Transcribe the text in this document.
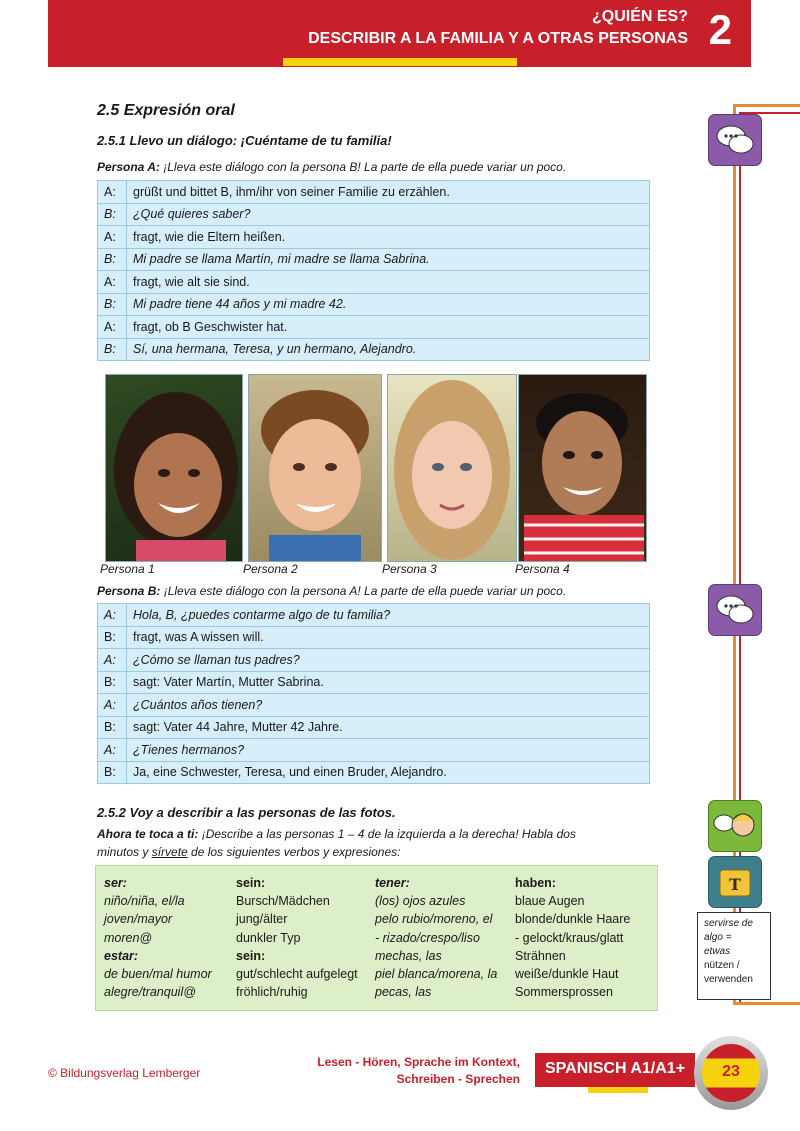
¿QUIÉN ES?
DESCRIBIR A LA FAMILIA Y A OTRAS PERSONAS 2
2.5 Expresión oral
2.5.1 Llevo un diálogo: ¡Cuéntame de tu familia!
Persona A: ¡Lleva este diálogo con la persona B! La parte de ella puede variar un poco.
A:	grüßt und bittet B, ihm/ihr von seiner Familie zu erzählen.
B:	¿Qué quieres saber?
A:	fragt, wie die Eltern heißen.
B:	Mi padre se llama Martín, mi madre se llama Sabrina.
A:	fragt, wie alt sie sind.
B:	Mi padre tiene 44 años y mi madre 42.
A:	fragt, ob B Geschwister hat.
B:	Sí, una hermana, Teresa, y un hermano, Alejandro.
Persona 1	Persona 2	Persona 3	Persona 4
Persona B: ¡Lleva este diálogo con la persona A! La parte de ella puede variar un poco.
A:	Hola, B, ¿puedes contarme algo de tu familia?
B:	fragt, was A wissen will.
A:	¿Cómo se llaman tus padres?
B:	sagt: Vater Martín, Mutter Sabrina.
A:	¿Cuántos años tienen?
B:	sagt: Vater 44 Jahre, Mutter 42 Jahre.
A:	¿Tienes hermanos?
B:	Ja, eine Schwester, Teresa, und einen Bruder, Alejandro.
2.5.2 Voy a describir a las personas de las fotos.
Ahora te toca a ti: ¡Describe a las personas 1 – 4 de la izquierda a la derecha! Habla dos
minutos y sírvete de los siguientes verbos y expresiones:
ser:
niño/niña, el/la
joven/mayor
moren@
estar:
de buen/mal humor
alegre/tranquil@
sein:
Bursch/Mädchen
jung/älter
dunkler Typ
sein:
gut/schlecht aufgelegt
fröhlich/ruhig
tener:
(los) ojos azules
pelo rubio/moreno, el
- rizado/crespo/liso
mechas, las
piel blanca/morena, la
pecas, las
haben:
blaue Augen
blonde/dunkle Haare
- gelockt/kraus/glatt
Strähnen
weiße/dunkle Haut
Sommersprossen
T
servirse de
algo =
etwas
nützen /
verwenden
© Bildungsverlag Lemberger
Lesen - Hören, Sprache im Kontext,
Schreiben - Sprechen
SPANISCH A1/A1+	23
